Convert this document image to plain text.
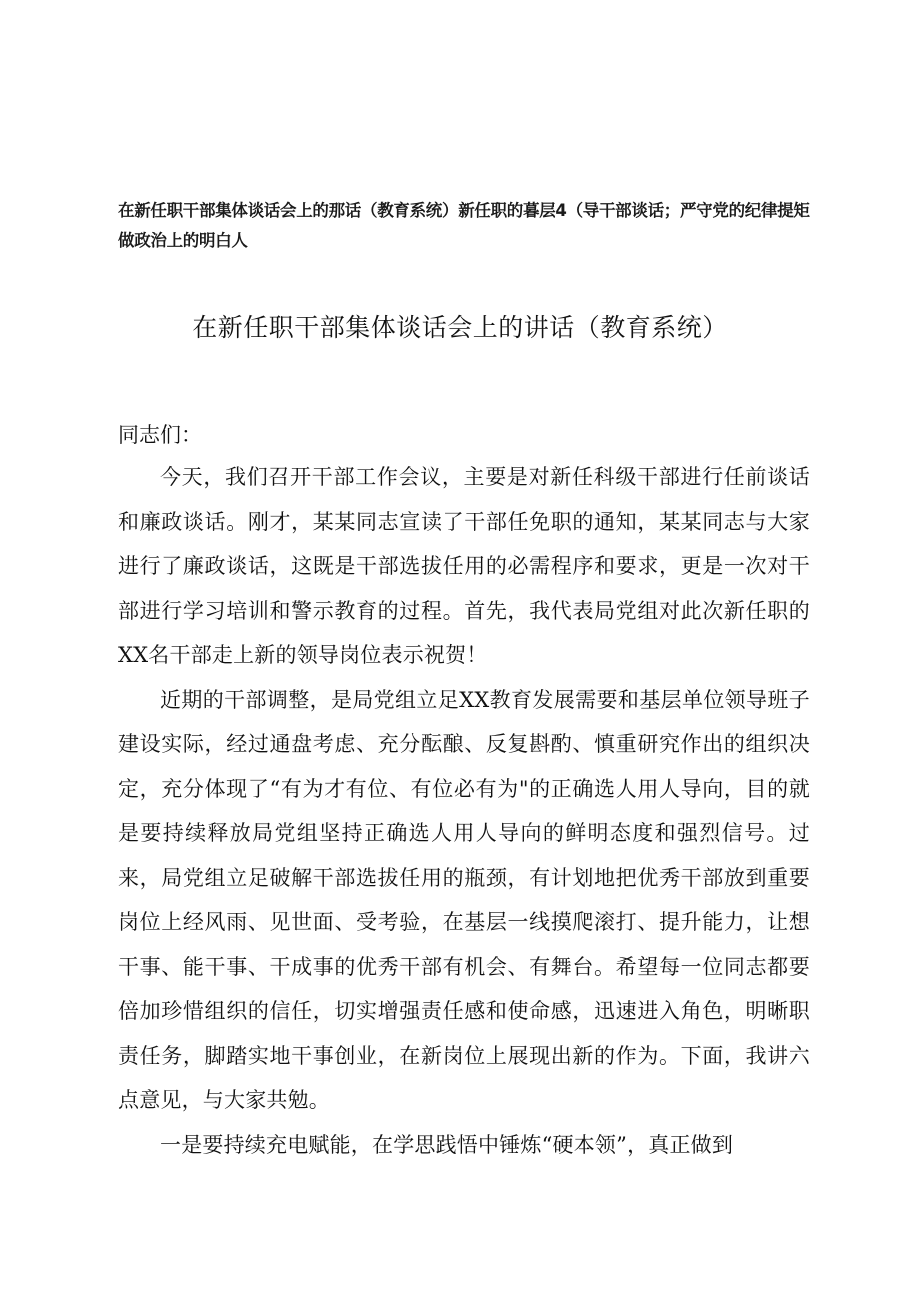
在新任职干部集体谈话会上的那话（教育系统）新任职的暮层4（导干部谈话；严守党的纪律提矩做政治上的明白人
在新任职干部集体谈话会上的讲话（教育系统）
同志们：

今天，我们召开干部工作会议，主要是对新任科级干部进行任前谈话和廉政谈话。刚才，某某同志宣读了干部任免职的通知，某某同志与大家进行了廉政谈话，这既是干部选拔任用的必需程序和要求，更是一次对干部进行学习培训和警示教育的过程。首先，我代表局党组对此次新任职的XX名干部走上新的领导岗位表示祝贺！

近期的干部调整，是局党组立足XX教育发展需要和基层单位领导班子建设实际，经过通盘考虑、充分酝酿、反复斟酌、慎重研究作出的组织决定，充分体现了“有为才有位、有位必有为"的正确选人用人导向，目的就是要持续释放局党组坚持正确选人用人导向的鲜明态度和强烈信号。过来，局党组立足破解干部选拔任用的瓶颈，有计划地把优秀干部放到重要岗位上经风雨、见世面、受考验，在基层一线摸爬滚打、提升能力，让想干事、能干事、干成事的优秀干部有机会、有舞台。希望每一位同志都要倍加珍惜组织的信任，切实增强责任感和使命感，迅速进入角色，明晰职责任务，脚踏实地干事创业，在新岗位上展现出新的作为。下面，我讲六点意见，与大家共勉。

一是要持续充电赋能，在学思践悟中锤炼“硬本领”，真正做到
